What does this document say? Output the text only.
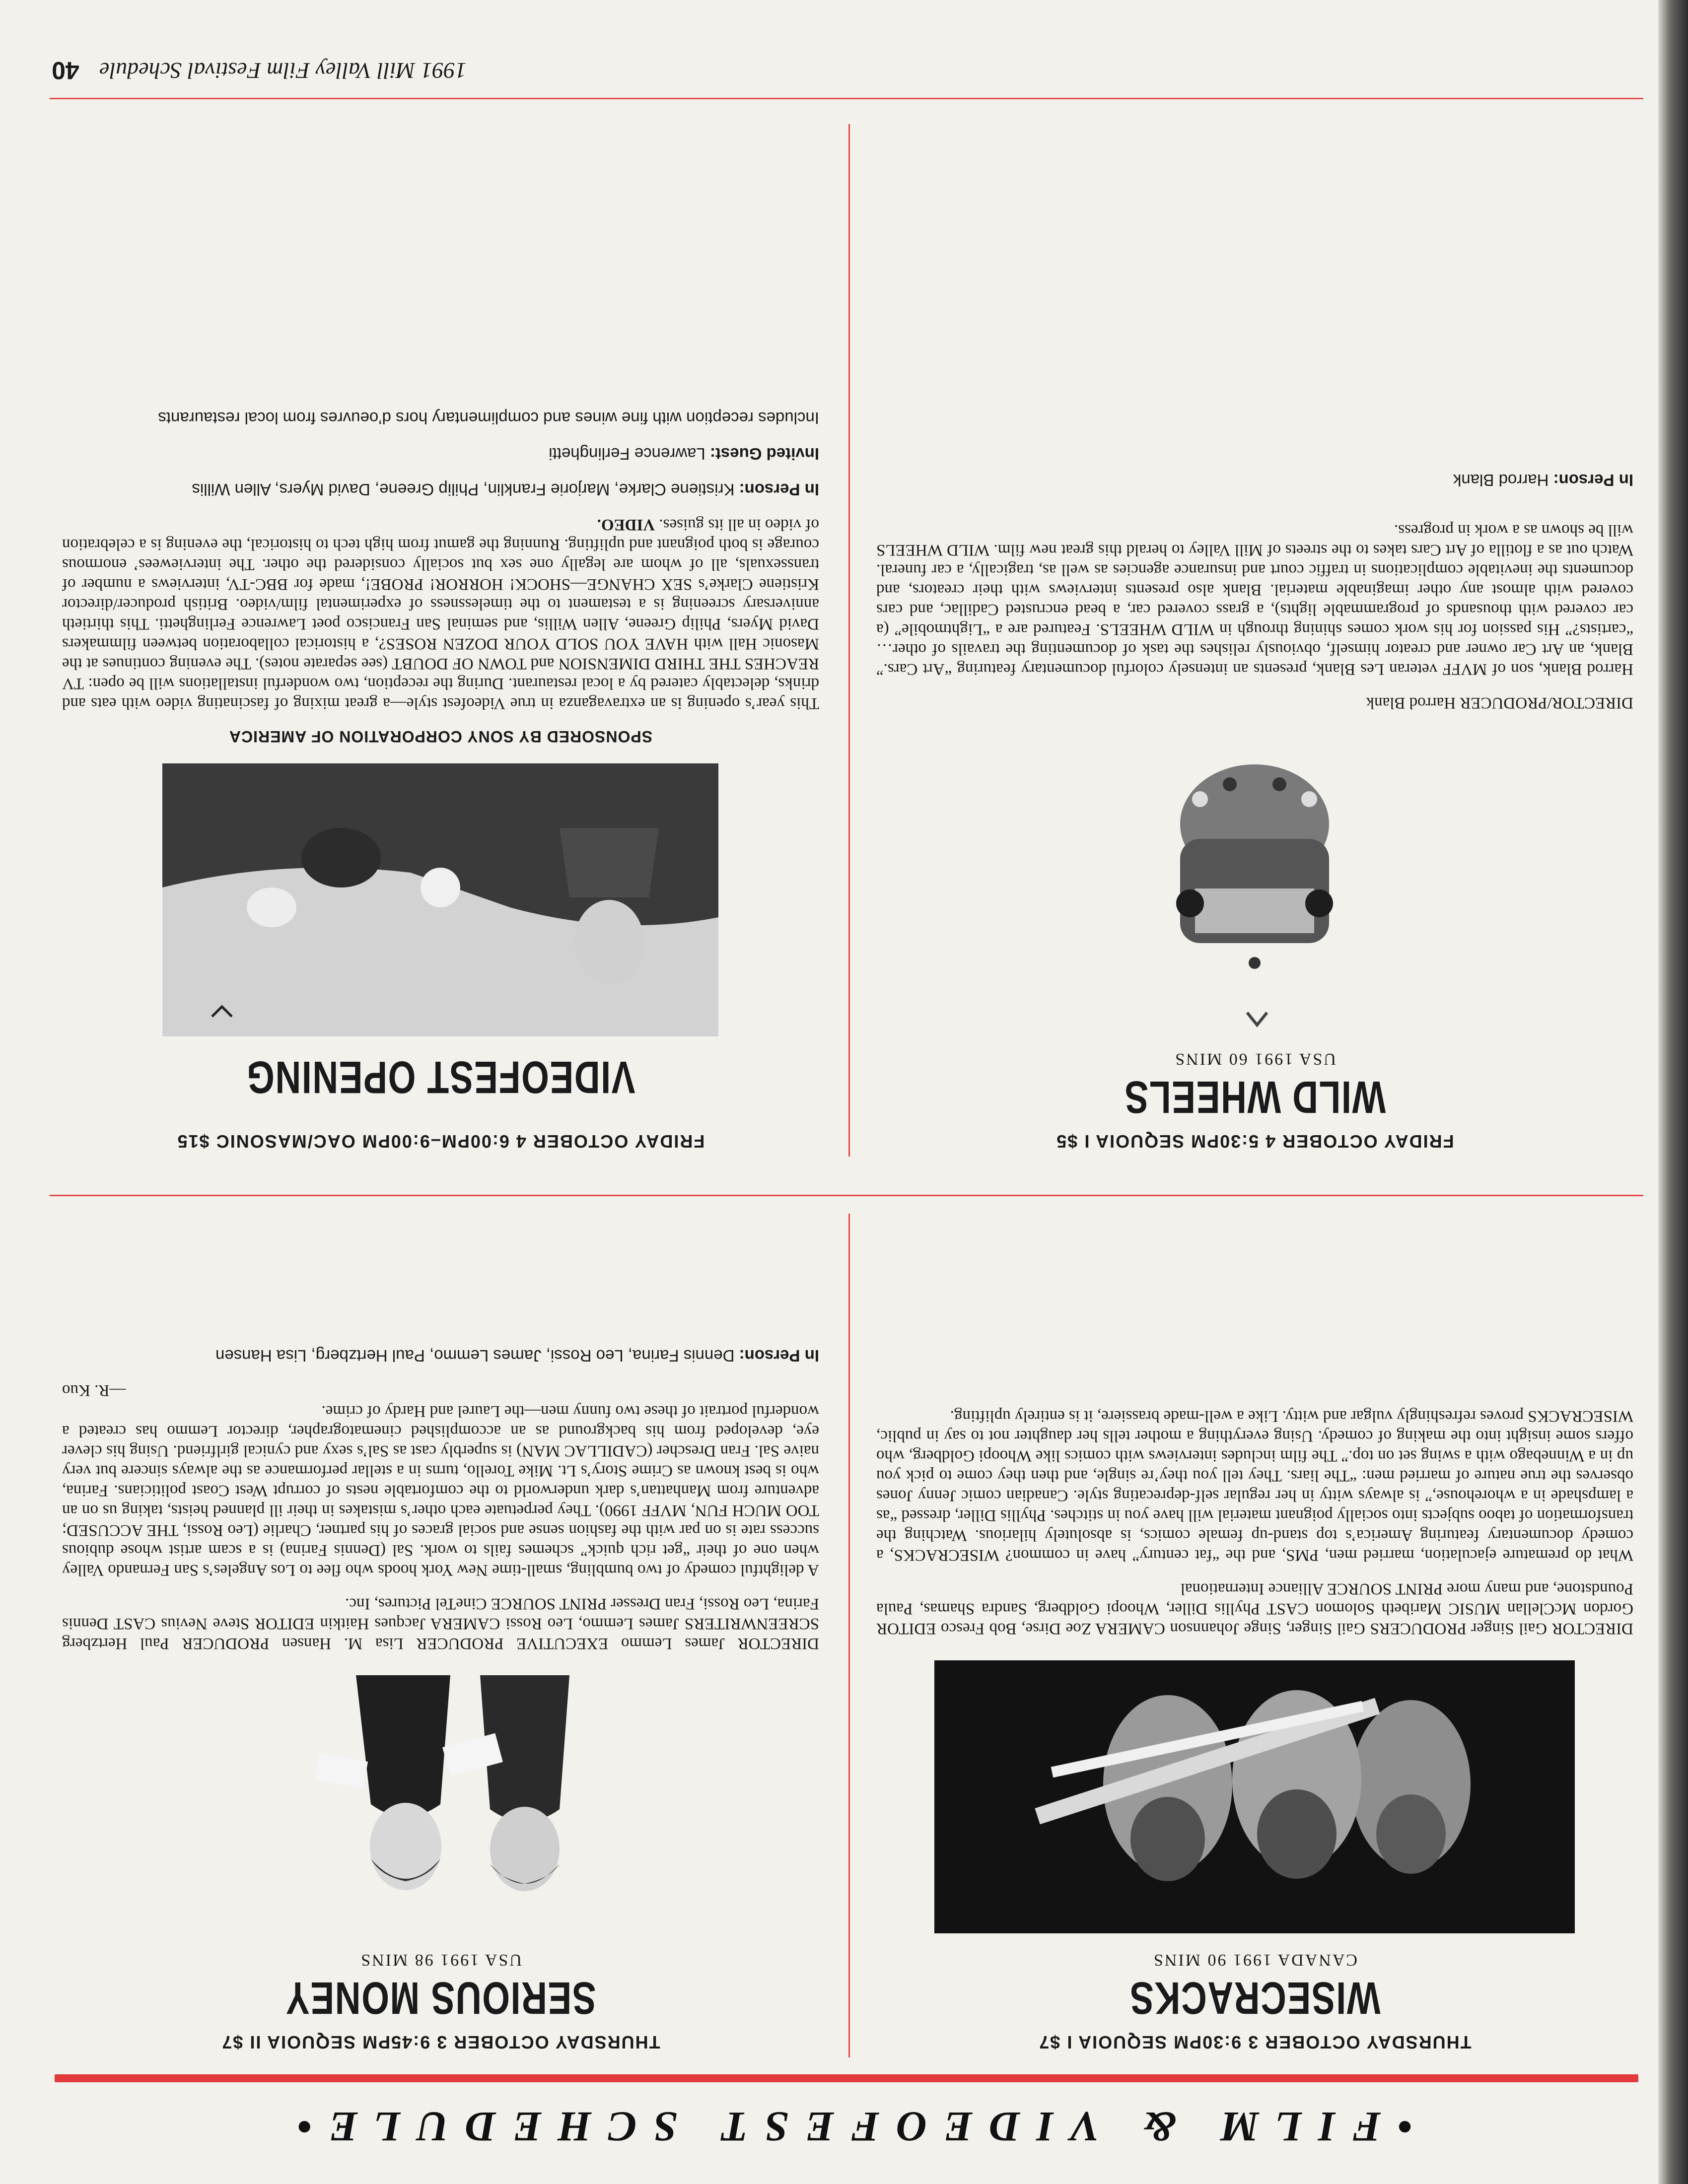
•FILM & VIDEOFEST SCHEDULE•
THURSDAY OCTOBER 3 9:30PM SEQUOIA I $7
WISECRACKS
CANADA 1991 90 MINS
DIRECTOR Gail Singer PRODUCERS Gail Singer, Singe Johannson CAMERA Zoe Dirse, Bob Fresco EDITOR Gordon McClellan MUSIC Maribeth Solomon CAST Phyllis Diller, Whoopi Goldberg, Sandra Shamas, Paula Poundstone, and many more PRINT SOURCE Alliance International
What do premature ejaculation, married men, PMS, and the “fat century” have in common? WISECRACKS, a comedy documentary featuring America’s top stand-up female comics, is absolutely hilarious. Watching the transformation of taboo subjects into socially poignant material will have you in stitches. Phyllis Diller, dressed “as a lampshade in a whorehouse,” is always witty in her regular self-deprecating style. Canadian comic Jenny Jones observes the true nature of married men: “The liars. They tell you they’re single, and then they come to pick you up in a Winnebago with a swing set on top.” The film includes interviews with comics like Whoopi Goldberg, who offers some insight into the making of comedy. Using everything a mother tells her daughter not to say in public, WISECRACKS proves refreshingly vulgar and witty. Like a well-made brassiere, it is entirely uplifting.
THURSDAY OCTOBER 3 9:45PM SEQUOIA II $7
SERIOUS MONEY
USA 1991 98 MINS
DIRECTOR James Lemmo EXECUTIVE PRODUCER Lisa M. Hansen PRODUCER Paul Hertzberg SCREENWRITERS James Lemmo, Leo Rossi CAMERA Jacques Haitkin EDITOR Steve Nevius CAST Dennis Farina, Leo Rossi, Fran Dresser PRINT SOURCE CineTel Pictures, Inc.
A delightful comedy of two bumbling, small-time New York hoods who flee to Los Angeles’s San Fernando Valley when one of their “get rich quick” schemes fails to work. Sal (Dennis Farina) is a scam artist whose dubious success rate is on par with the fashion sense and social graces of his partner, Charlie (Leo Rossi, THE ACCUSED; TOO MUCH FUN, MVFF 1990). They perpetuate each other’s mistakes in their ill planned heists, taking us on an adventure from Manhattan’s dark underworld to the comfortable nests of corrupt West Coast politicians. Farina, who is best known as Crime Story’s Lt. Mike Torello, turns in a stellar performance as the always sincere but very naive Sal. Fran Drescher (CADILLAC MAN) is superbly cast as Sal’s sexy and cynical girlfriend. Using his clever eye, developed from his background as an accomplished cinematographer, director Lemmo has created a wonderful portrait of these two funny men—the Laurel and Hardy of crime.
—R. Kuo
In Person: Dennis Farina, Leo Rossi, James Lemmo, Paul Hertzberg, Lisa Hansen
FRIDAY OCTOBER 4 5:30PM SEQUOIA I $5
WILD WHEELS
USA 1991 60 MINS
DIRECTOR/PRODUCER Harrod Blank
Harrod Blank, son of MVFF veteran Les Blank, presents an intensely colorful documentary featuring “Art Cars.” Blank, an Art Car owner and creator himself, obviously relishes the task of documenting the travails of other… “cartists?” His passion for his work comes shining through in WILD WHEELS. Featured are a “Lightmobile” (a car covered with thousands of programmable lights), a grass covered car, a bead encrusted Cadillac, and cars covered with almost any other imaginable material. Blank also presents interviews with their creators, and documents the inevitable complications in traffic court and insurance agencies as well as, tragically, a car funeral. Watch out as a flotilla of Art Cars takes to the streets of Mill Valley to herald this great new film. WILD WHEELS will be shown as a work in progress.
In Person: Harrod Blank
FRIDAY OCTOBER 4 6:00PM–9:00PM OAC/MASONIC $15
VIDEOFEST OPENING
SPONSORED BY SONY CORPORATION OF AMERICA
This year’s opening is an extravaganza in true Videofest style—a great mixing of fascinating video with eats and drinks, delectably catered by a local restaurant. During the reception, two wonderful installations will be open: TV REACHES THE THIRD DIMENSION and TOWN OF DOUBT (see separate notes). The evening continues at the Masonic Hall with HAVE YOU SOLD YOUR DOZEN ROSES?, a historical collaboration between filmmakers David Myers, Philip Greene, Allen Willis, and seminal San Francisco poet Lawrence Ferlinghetti. This thirtieth anniversary screening is a testament to the timelessness of experimental film/video. British producer/director Kristiene Clarke’s SEX CHANGE—SHOCK! HORROR! PROBE!, made for BBC-TV, interviews a number of transsexuals, all of whom are legally one sex but socially considered the other. The interviewees’ enormous courage is both poignant and uplifting. Running the gamut from high tech to historical, the evening is a celebration of video in all its guises. VIDEO.
In Person: Kristiene Clarke, Marjorie Franklin, Philip Greene, David Myers, Allen Willis
Invited Guest: Lawrence Ferlinghetti
Includes reception with fine wines and complimentary hors d’oeuvres from local restaurants
1991 Mill Valley Film Festival Schedule
40
